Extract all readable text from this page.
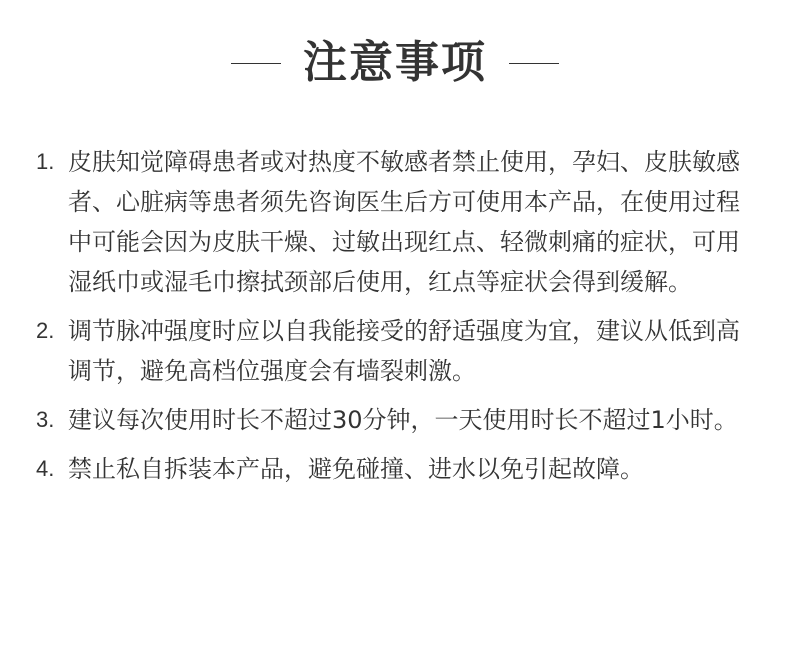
注意事项
1. 皮肤知觉障碍患者或对热度不敏感者禁止使用，孕妇、皮肤敏感者、心脏病等患者须先咨询医生后方可使用本产品，在使用过程中可能会因为皮肤干燥、过敏出现红点、轻微刺痛的症状，可用湿纸巾或湿毛巾擦拭颈部后使用，红点等症状会得到缓解。
2. 调节脉冲强度时应以自我能接受的舒适强度为宜，建议从低到高调节，避免高档位强度会有墙裂刺激。
3. 建议每次使用时长不超过30分钟，一天使用时长不超过1小时。
4. 禁止私自拆装本产品，避免碰撞、进水以免引起故障。
